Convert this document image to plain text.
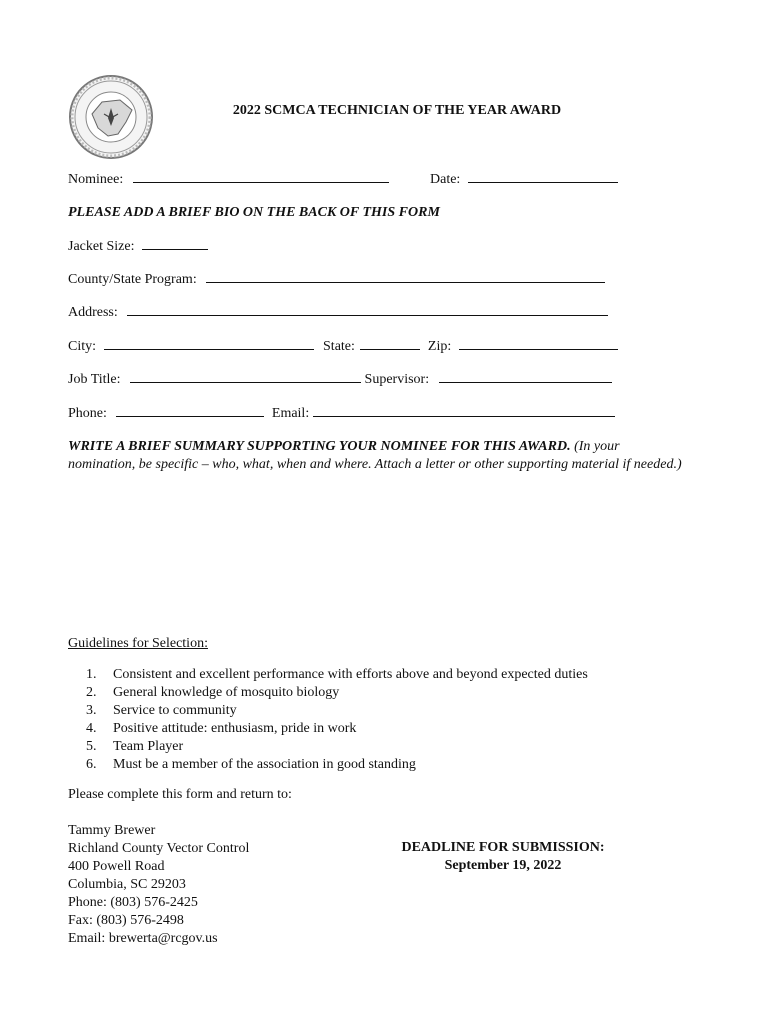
2022 SCMCA TECHNICIAN OF THE YEAR AWARD
Nominee:	Date:
PLEASE ADD A BRIEF BIO ON THE BACK OF THIS FORM
Jacket Size:
County/State Program:
Address:
City:	State:	Zip:
Job Title:	Supervisor:
Phone:	Email:
WRITE A BRIEF SUMMARY SUPPORTING YOUR NOMINEE FOR THIS AWARD. (In your nomination, be specific – who, what, when and where. Attach a letter or other supporting material if needed.)
Guidelines for Selection:
1.	Consistent and excellent performance with efforts above and beyond expected duties
2.	General knowledge of mosquito biology
3.	Service to community
4.	Positive attitude: enthusiasm, pride in work
5.	Team Player
6.	Must be a member of the association in good standing
Please complete this form and return to:
Tammy Brewer
Richland County Vector Control
400 Powell Road
Columbia, SC 29203
Phone: (803) 576-2425
Fax: (803) 576-2498
Email: brewerta@rcgov.us
DEADLINE FOR SUBMISSION:
September 19, 2022
